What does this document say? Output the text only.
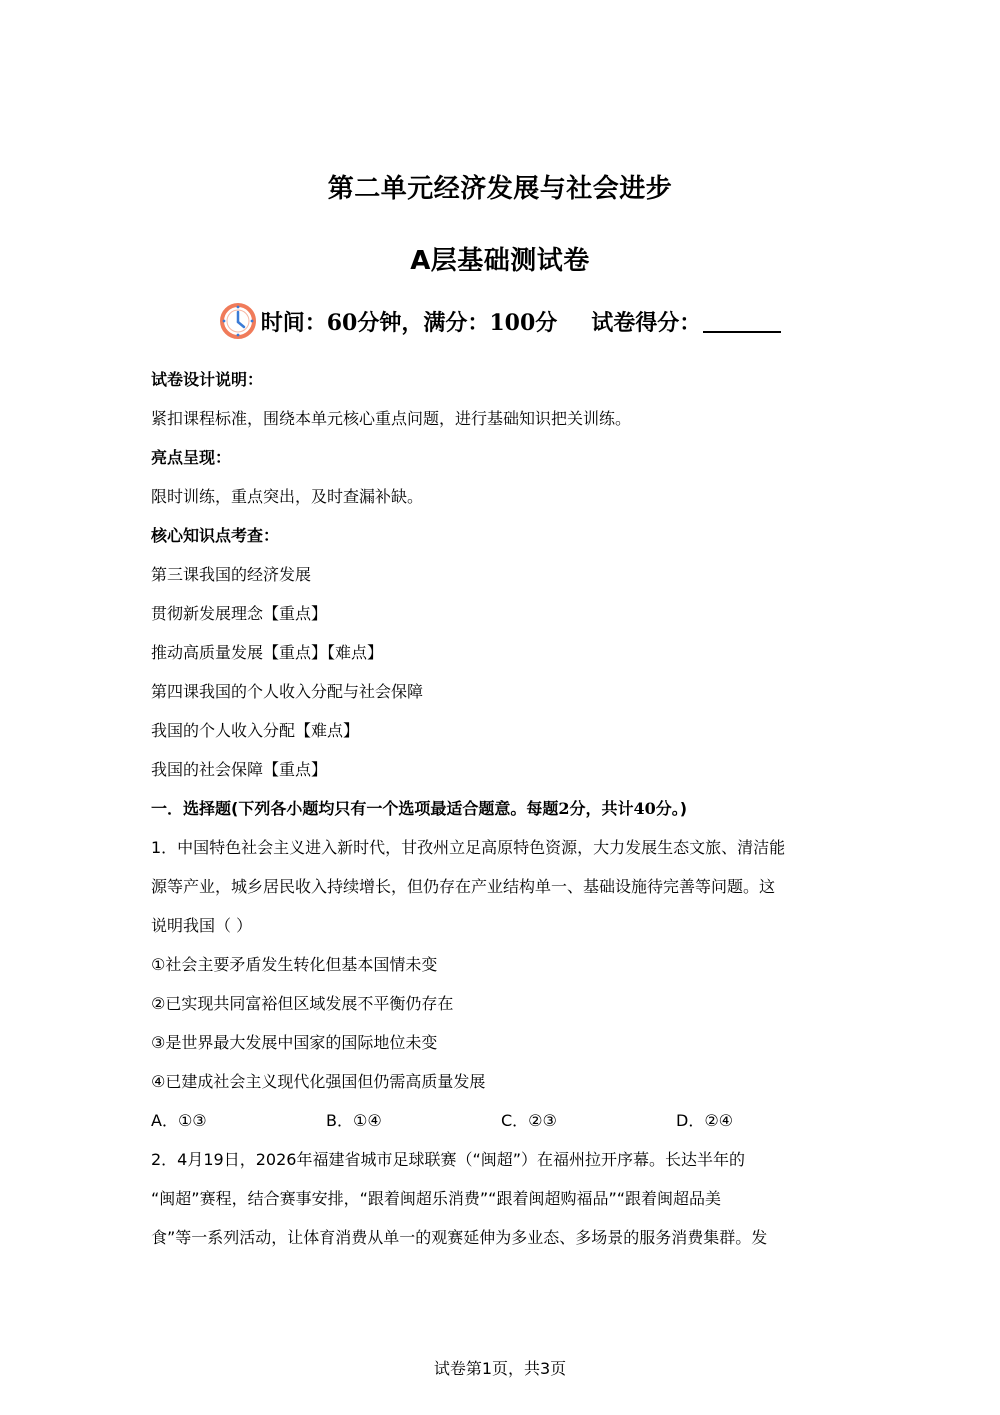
第二单元经济发展与社会进步
A层基础测试卷
时间：60分钟，满分：100分 试卷得分：
试卷设计说明：
紧扣课程标准，围绕本单元核心重点问题，进行基础知识把关训练。
亮点呈现：
限时训练，重点突出，及时查漏补缺。
核心知识点考查：
第三课我国的经济发展
贯彻新发展理念【重点】
推动高质量发展【重点】【难点】
第四课我国的个人收入分配与社会保障
我国的个人收入分配【难点】
我国的社会保障【重点】
一．选择题(下列各小题均只有一个选项最适合题意。每题2分，共计40分。)
1．中国特色社会主义进入新时代，甘孜州立足高原特色资源，大力发展生态文旅、清洁能
源等产业，城乡居民收入持续增长，但仍存在产业结构单一、基础设施待完善等问题。这
说明我国（ ）
①社会主要矛盾发生转化但基本国情未变
②已实现共同富裕但区域发展不平衡仍存在
③是世界最大发展中国家的国际地位未变
④已建成社会主义现代化强国但仍需高质量发展
A．①③	B．①④	C．②③	D．②④
2．4月19日，2026年福建省城市足球联赛（“闽超”）在福州拉开序幕。长达半年的
“闽超”赛程，结合赛事安排，“跟着闽超乐消费”“跟着闽超购福品”“跟着闽超品美
食”等一系列活动，让体育消费从单一的观赛延伸为多业态、多场景的服务消费集群。发
试卷第1页，共3页
